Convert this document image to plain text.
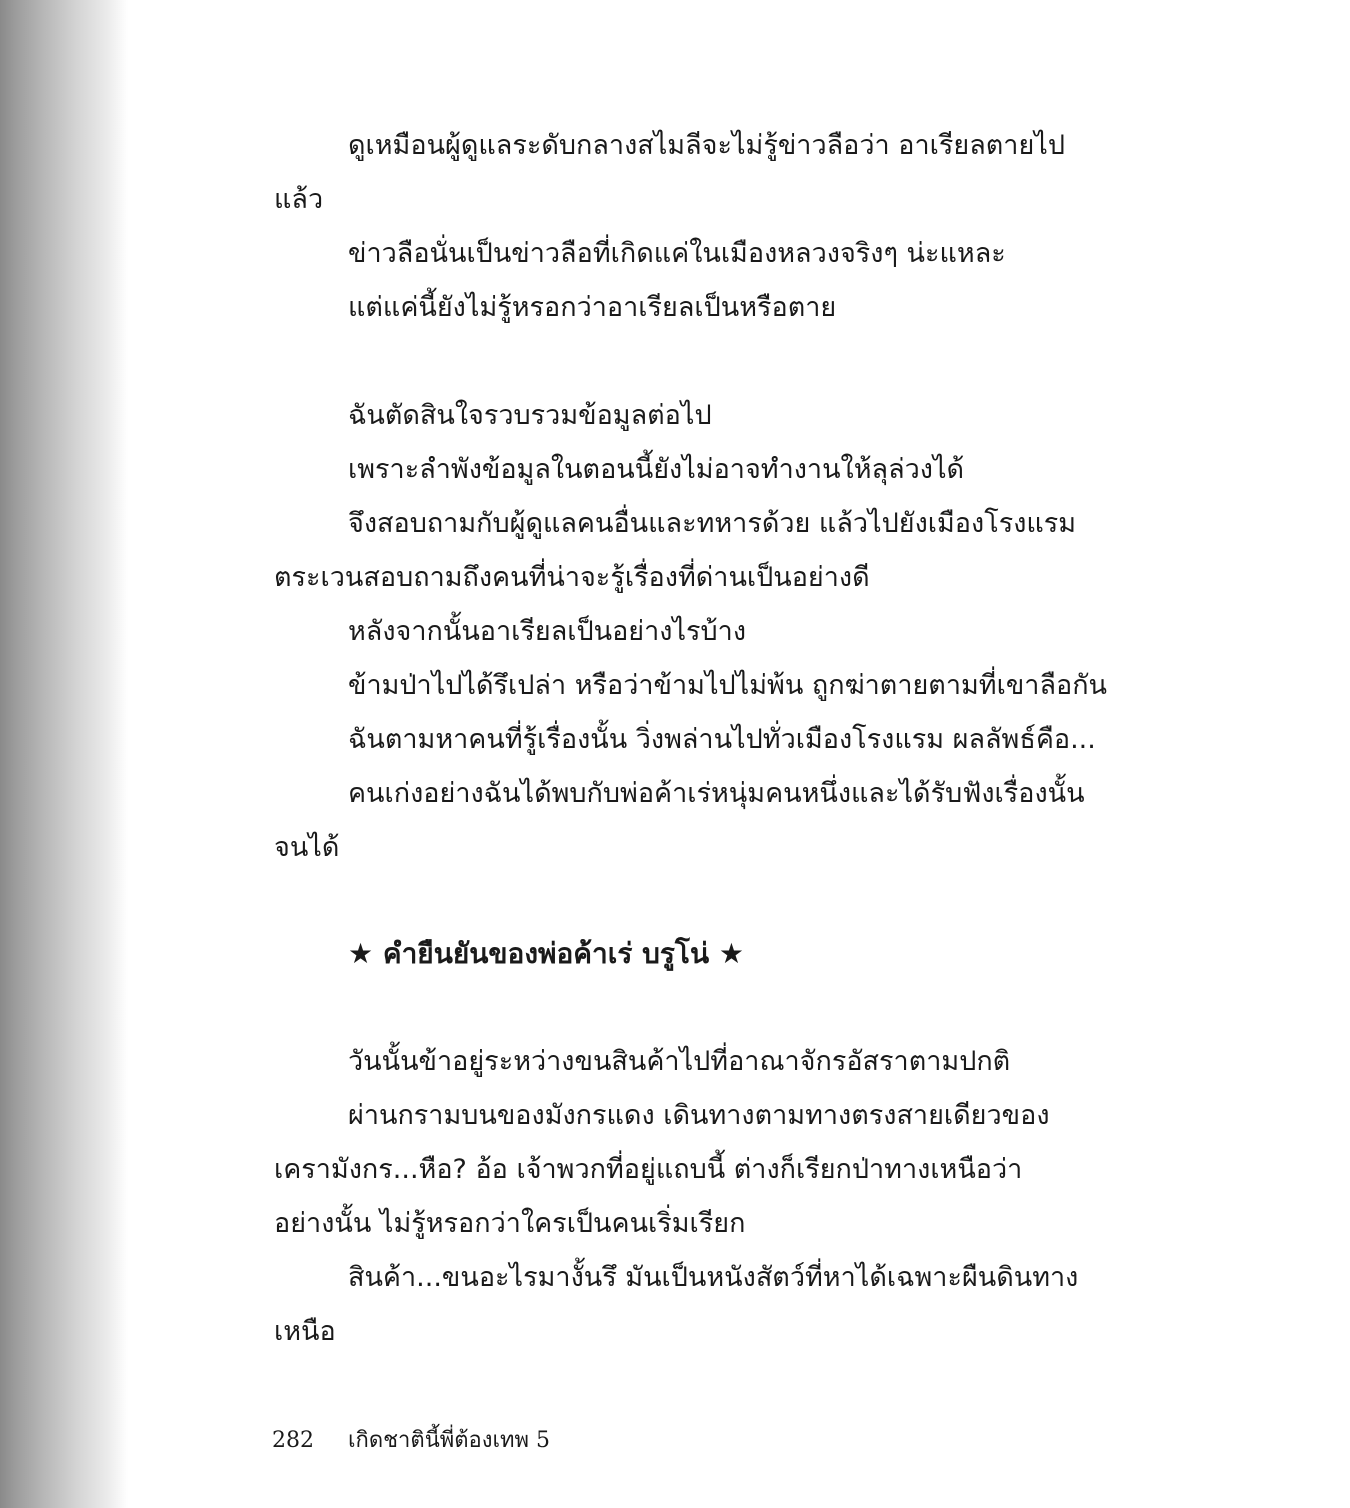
ดูเหมือนผู้ดูแลระดับกลางสไมลีจะไม่รู้ข่าวลือว่า อาเรียลตายไป
แล้ว
ข่าวลือนั่นเป็นข่าวลือที่เกิดแค่ในเมืองหลวงจริงๆ น่ะแหละ
แต่แค่นี้ยังไม่รู้หรอกว่าอาเรียลเป็นหรือตาย
ฉันตัดสินใจรวบรวมข้อมูลต่อไป
เพราะลำพังข้อมูลในตอนนี้ยังไม่อาจทำงานให้ลุล่วงได้
จึงสอบถามกับผู้ดูแลคนอื่นและทหารด้วย แล้วไปยังเมืองโรงแรม
ตระเวนสอบถามถึงคนที่น่าจะรู้เรื่องที่ด่านเป็นอย่างดี
หลังจากนั้นอาเรียลเป็นอย่างไรบ้าง
ข้ามป่าไปได้รึเปล่า หรือว่าข้ามไปไม่พ้น ถูกฆ่าตายตามที่เขาลือกัน
ฉันตามหาคนที่รู้เรื่องนั้น วิ่งพล่านไปทั่วเมืองโรงแรม ผลลัพธ์คือ...
คนเก่งอย่างฉันได้พบกับพ่อค้าเร่หนุ่มคนหนึ่งและได้รับฟังเรื่องนั้น
จนได้
★ คำยืนยันของพ่อค้าเร่ บรูโน่ ★
วันนั้นข้าอยู่ระหว่างขนสินค้าไปที่อาณาจักรอัสราตามปกติ
ผ่านกรามบนของมังกรแดง เดินทางตามทางตรงสายเดียวของ
เครามังกร...หือ? อ้อ เจ้าพวกที่อยู่แถบนี้ ต่างก็เรียกป่าทางเหนือว่า
อย่างนั้น ไม่รู้หรอกว่าใครเป็นคนเริ่มเรียก
สินค้า...ขนอะไรมางั้นรึ มันเป็นหนังสัตว์ที่หาได้เฉพาะผืนดินทาง
เหนือ
282 เกิดชาตินี้พี่ต้องเทพ 5
